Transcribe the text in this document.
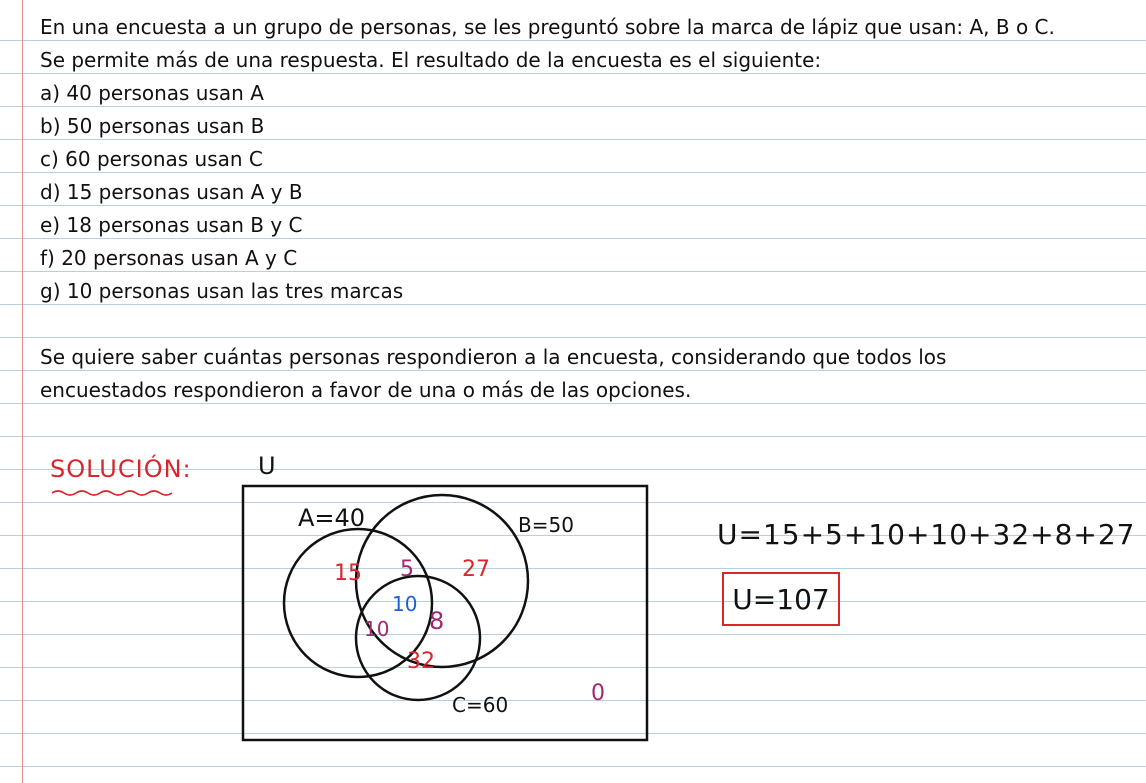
En una encuesta a un grupo de personas, se les preguntó sobre la marca de lápiz que usan: A, B o C.
Se permite más de una respuesta. El resultado de la encuesta es el siguiente:
a) 40 personas usan A
b) 50 personas usan B
c) 60 personas usan C
d) 15 personas usan A y B
e) 18 personas usan B y C
f) 20 personas usan A y C
g) 10 personas usan las tres marcas
Se quiere saber cuántas personas respondieron a la encuesta, considerando que todos los
encuestados respondieron a favor de una o más de las opciones.
SOLUCIÓN:	U
A=40	B=50
C=60
15 5 27
10
10 8
32
0
U=15+5+10+10+32+8+27
U=107
